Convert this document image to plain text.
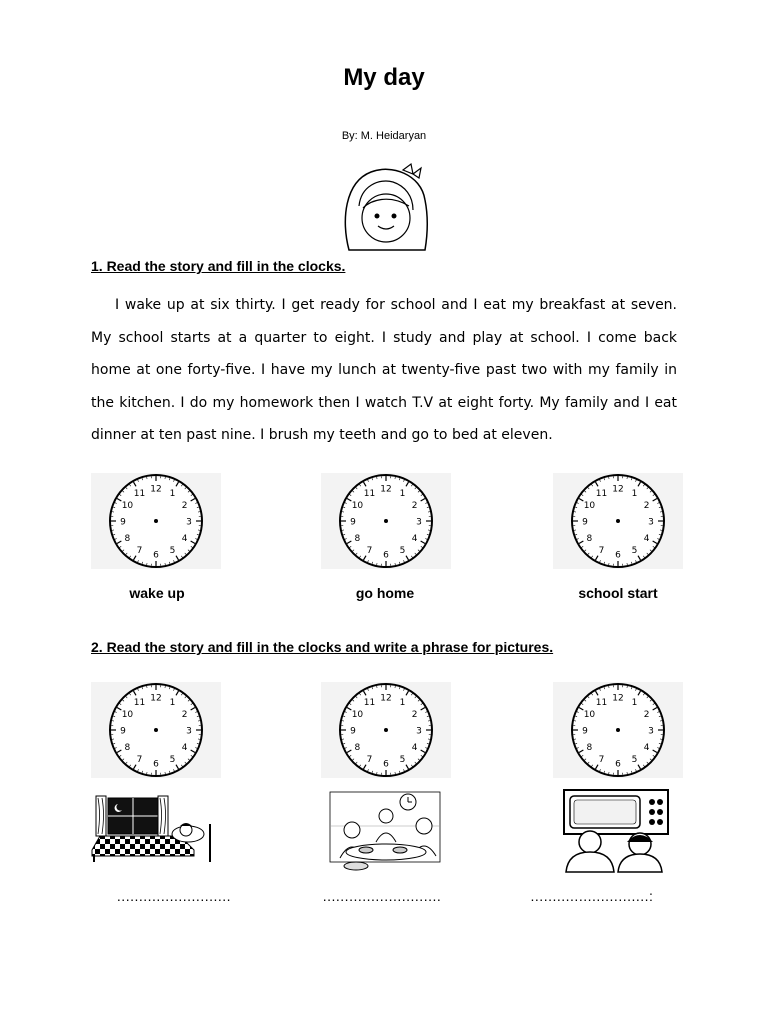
My day
By: M. Heidaryan
1. Read the story and fill in the clocks.
I wake up at six thirty. I get ready for school and I eat my breakfast at seven. My school starts at a quarter to eight. I study and play at school. I come back home at one forty-five. I have my lunch at twenty-five past two with my family in the kitchen. I do my homework then I watch T.V at eight forty. My family and I eat dinner at ten past nine. I brush my teeth and go to bed at eleven.
12 1
2
3
4
5
6
7
8
9
10
11	12 1
2
3
4
5
6
7
8
9
10
11	12 1
2
3
4
5
6
7
8
9
10
11
wake up	go home	school start
2. Read the story and fill in the clocks and write a phrase for pictures.
12 1
2
3
4
5
6
7
8
9
10
11	12 1
2
3
4
5
6
7
8
9
10
11	12 1
2
3
4
5
6
7
8
9
10
11
..........................	...........................	...........................:
